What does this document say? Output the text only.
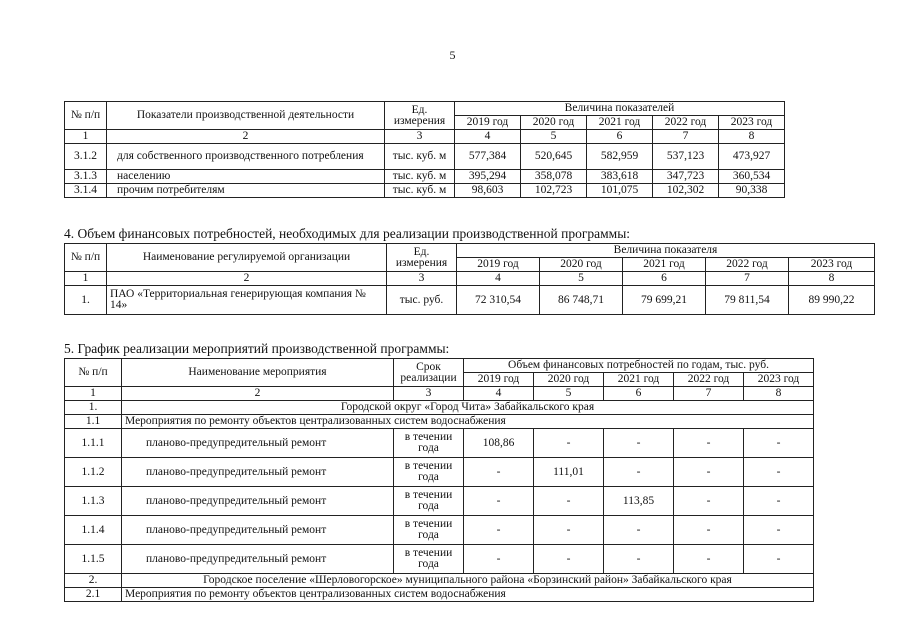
5
№ п/п	Показатели производственной деятельности	Ед. измерения	Величина показателей				
			2019 год	2020 год	2021 год	2022 год	2023 год
1	2	3	4	5	6	7	8
3.1.2	для собственного производственного потребления	тыс. куб. м	577,384	520,645	582,959	537,123	473,927
3.1.3	населению	тыс. куб. м	395,294	358,078	383,618	347,723	360,534
3.1.4	прочим потребителям	тыс. куб. м	98,603	102,723	101,075	102,302	90,338
4. Объем финансовых потребностей, необходимых для реализации производственной программы:
№ п/п	Наименование регулируемой организации	Ед. измерения	Величина показателя				
			2019 год	2020 год	2021 год	2022 год	2023 год
1	2	3	4	5	6	7	8
1.	ПАО «Территориальная генерирующая компания № 14»	тыс. руб.	72 310,54	86 748,71	79 699,21	79 811,54	89 990,22
5. График реализации мероприятий производственной программы:
№ п/п	Наименование мероприятия	Срок реализации	Объем финансовых потребностей по годам, тыс. руб.				
			2019 год	2020 год	2021 год	2022 год	2023 год
1	2	3	4	5	6	7	8
1.	Городской округ «Город Чита» Забайкальского края						
1.1	Мероприятия по ремонту объектов централизованных систем водоснабжения						
1.1.1	планово-предупредительный ремонт	в течении года	108,86	-	-	-	-
1.1.2	планово-предупредительный ремонт	в течении года	-	111,01	-	-	-
1.1.3	планово-предупредительный ремонт	в течении года	-	-	113,85	-	-
1.1.4	планово-предупредительный ремонт	в течении года	-	-	-	-	-
1.1.5	планово-предупредительный ремонт	в течении года	-	-	-	-	-
2.	Городское поселение «Шерловогорское» муниципального района «Борзинский район» Забайкальского края						
2.1	Мероприятия по ремонту объектов централизованных систем водоснабжения						
